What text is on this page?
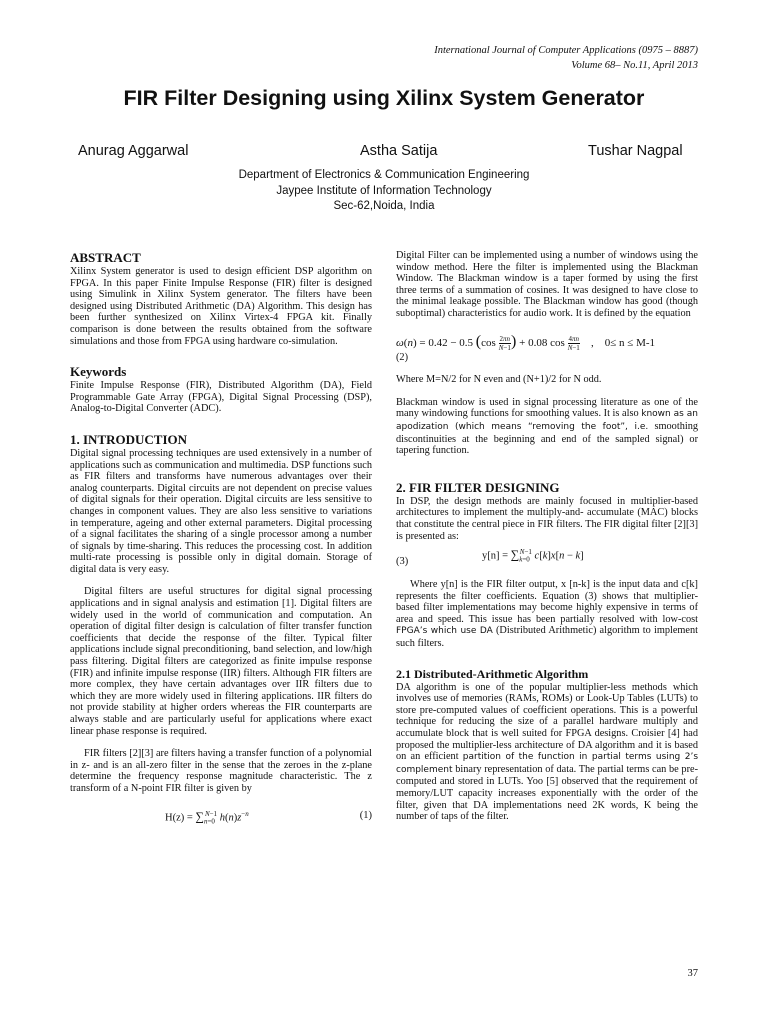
International Journal of Computer Applications (0975 – 8887)
Volume 68– No.11, April 2013
FIR Filter Designing using Xilinx System Generator
Anurag Aggarwal	Astha Satija	Tushar Nagpal
Department of Electronics & Communication Engineering
Jaypee Institute of Information Technology
Sec-62,Noida, India
ABSTRACT

Xilinx System generator is used to design efficient DSP algorithm on FPGA. In this paper Finite Impulse Response (FIR) filter is designed using Simulink in Xilinx System generator. The filters have been designed using Distributed Arithmetic (DA) Algorithm. This design has been further synthesized on Xilinx Virtex-4 FPGA kit. Finally comparison is done between the results obtained from the software simulations and those from FPGA using hardware co-simulation.

Keywords

Finite Impulse Response (FIR), Distributed Algorithm (DA), Field Programmable Gate Array (FPGA), Digital Signal Processing (DSP), Analog-to-Digital Converter (ADC).

1. INTRODUCTION

Digital signal processing techniques are used extensively in a number of applications such as communication and multimedia. DSP functions such as FIR filters and transforms have numerous advantages over their analog counterparts. Digital circuits are not dependent on precise values of digital signals for their operation. Digital circuits are less sensitive to changes in component values. They are also less sensitive to variations in temperature, ageing and other external parameters. Digital processing of a signal facilitates the sharing of a single processor among a number of signals by time-sharing. This reduces the processing cost. In addition multi-rate processing is possible only in digital domain. Storage of digital data is very easy.

Digital filters are useful structures for digital signal processing applications and in signal analysis and estimation [1]. Digital filters are widely used in the world of communication and computation. An operation of digital filter design is calculation of filter transfer function coefficients that decide the response of the filter. Typical filter applications include signal preconditioning, band selection, and low/high pass filtering. Digital filters are categorized as finite impulse response (FIR) and infinite impulse response (IIR) filters. Although FIR filters are more complex, they have certain advantages over IIR filters due to which they are more widely used in filtering applications. IIR filters do not provide stability at higher orders whereas the FIR counterparts are always stable and are particularly useful for applications where exact linear phase response is required.

FIR filters [2][3] are filters having a transfer function of a polynomial in z- and is an all-zero filter in the sense that the zeroes in the z-plane determine the frequency response magnitude characteristic. The z transform of a N-point FIR filter is given by

$H(z) = \sum_{n=0}^{N-1}$ $h(n)z^{-n}$	(1)

Digital Filter can be implemented using a number of windows using the window method. Here the filter is implemented using the Blackman Window. The Blackman window is a taper formed by using the first three terms of a summation of cosines. It was designed to have close to the minimal leakage possible. The Blackman window has good (though suboptimal) characteristics for audio work. It is defined by the equation

ω(n) = 0.42 − 0.5 ($\cos \frac{2\pi n}{N-1}$ ) + 0.08 $\cos \frac{4\pi n}{N-1}$ ,    0≤ n ≤ M-1
(2)

Where M=N/2 for N even and (N+1)/2 for N odd.

Blackman window is used in signal processing literature as one of the many windowing functions for smoothing values. It is also known as an apodization (which means “removing the foot”, i.e. smoothing discontinuities at the beginning and end of the sampled signal) or tapering function.

2. FIR FILTER DESIGNING

In DSP, the design methods are mainly focused in multiplier-based architectures to implement the multiply-and- accumulate (MAC) blocks that constitute the central piece in FIR filters. The FIR digital filter [2][3] is presented as:

$y[n] = \sum_{k=0}^{N-1}$ c[k]x[n − k]
(3)

Where y[n] is the FIR filter output, x [n-k] is the input data and c[k] represents the filter coefficients. Equation (3) shows that multiplier-based filter implementations may become highly expensive in terms of area and speed. This issue has been partially resolved with low-cost FPGA’s which use DA (Distributed Arithmetic) algorithm to implement such filters.

2.1 Distributed-Arithmetic Algorithm

DA algorithm is one of the popular multiplier-less methods which involves use of memories (RAMs, ROMs) or Look-Up Tables (LUTs) to store pre-computed values of coefficient operations. This is a powerful technique for reducing the size of a parallel hardware multiply and accumulate block that is well suited for FPGA designs. Croisier [4] had proposed the multiplier-less architecture of DA algorithm and it is based on an efficient partition of the function in partial terms using 2’s complement binary representation of data. The partial terms can be pre-computed and stored in LUTs. Yoo [5] observed that the requirement of memory/LUT capacity increases exponentially with the order of the filter, given that DA implementations need 2K words, K being the number of taps of the filter.

37
